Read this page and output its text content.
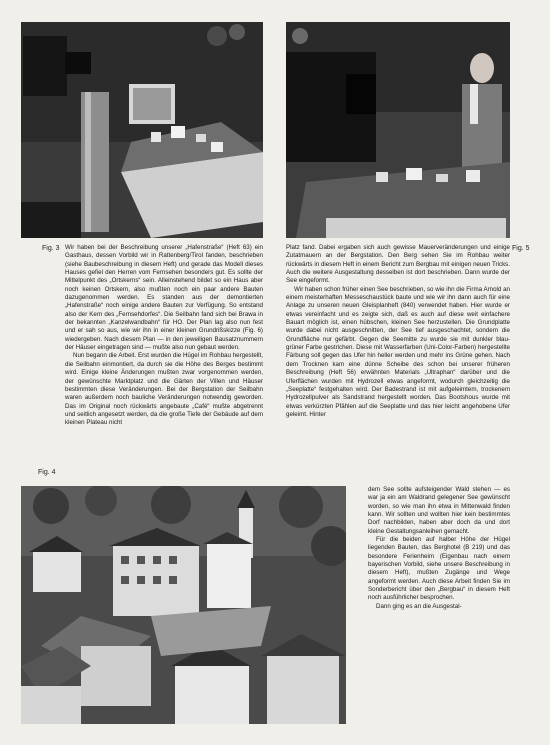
Fig. 3	Fig. 5
Fig. 4

Wir haben bei der Beschreibung unserer „Hafenstraße“ (Heft 63) ein Gasthaus, dessen Vorbild wir in Rattenberg/Tirol fanden, beschrieben (siehe Baubeschreibung in diesem Heft) und gerade das Modell dieses Hauses gefiel den Herren vom Fernsehen besonders gut. Es sollte der Mittelpunkt des „Ortskerns“ sein. Alleinstehend bildet so ein Haus aber noch keinen Ortskern, also mußten noch ein paar andere Bauten dazugenommen werden. Es standen aus der demontierten „Hafenstraße“ noch einige andere Bauten zur Verfügung. So entstand also der Kern des „Fernsehdorfes“. Die Seilbahn fand sich bei Brawa in der bekannten „Kanzelwandbahn“ für HO. Der Plan lag also nun fest und er sah so aus, wie wir ihn in einer kleinen Grundrißskizze (Fig. 6) wiedergeben. Nach diesem Plan — in den jeweiligen Bausatznummern der Häuser eingetragen sind — mußte also nun gebaut werden.

Nun begann die Arbeit. Erst wurden die Hügel im Rohbau hergestellt, die Seilbahn einmontiert, da durch sie die Höhe des Berges bestimmt wird. Einige kleine Änderungen mußten zwar vorgenommen werden, der gewünschte Marktplatz und die Gärten der Villen und Häuser bestimmten diese Veränderungen. Bei der Bergstation der Seilbahn waren außerdem noch bauliche Veränderungen notwendig geworden. Das im Original noch rückwärts angebaute „Café“ mußte abgetrennt und seitlich angesetzt werden, da die große Tiefe der Gebäude auf dem kleinen Plateau nicht

Platz fand. Dabei ergaben sich auch gewisse Mauerveränderungen und einige Zutatmauern an der Bergstation. Den Berg sehen Sie im Rohbau weiter rückwärts in diesem Heft in einem Bericht zum Bergbau mit einigen neuen Tricks. Auch die weitere Ausgestaltung desselben ist dort beschrieben. Dann wurde der See eingeformt.

Wir haben schon früher einen See beschrieben, so wie ihn die Firma Arnold an einem meisterhaften Messeschaustück baute und wie wir ihn dann auch für eine Anlage zu unseren neuen Gleisplanheft (840) verwendet haben. Hier wurde er etwas vereinfacht und es zeigte sich, daß es auch auf diese weit einfachere Bauart möglich ist, einen hübschen, kleinen See herzustellen. Die Grundplatte wurde dabei nicht ausgeschnitten, der See tief ausgeschachtet, sondern die Grundfläche nur gefärbt. Gegen die Seemitte zu wurde sie mit dunkler blau-grüner Farbe gestrichen. Diese mit Wasserfarben (Uni-Color-Farben) hergestellte Färbung soll gegen das Ufer hin heller werden und mehr ins Grüne gehen. Nach dem Trocknen kam eine dünne Scheibe des schon bei unserer früheren Beschreibung (Heft 56) erwähnten Materials „Ultraphan“ darüber und die Uferflächen wurden mit Hydrozell etwas angeformt, wodurch gleichzeitig die „Seeplatte“ festgehalten wird. Der Badestrand ist mit aufgeleimtem, trockenem Hydrozellpulver als Sandstrand hergestellt worden. Das Bootshous wurde mit etwas verkürzten Pfählen auf die Seeplatte und das hier leicht angehobene Ufer geleimt. Hinter

dem See sollte aufsteigender Wald stehen — es war ja ein am Waldrand gelegener See gewünscht worden, so wie man ihn etwa in Mittenwald finden kann. Wir sollten und wollten hier kein bestimmtes Dorf nachbilden, haben aber doch da und dort kleine Gestaltungsanleihen gemacht.

Für die beiden auf halber Höhe der Hügel liegenden Bauten, das Berghotel (B 219) und das besondere Ferienheim (Eigenbau nach einem bayerischen Vorbild, siehe unsere Beschreibung in diesem Heft), mußten Zugänge und Wege angeformt werden. Auch diese Arbeit finden Sie im Sonderbericht über den „Bergbau“ in diesem Heft noch ausführlicher besprochen.

Dann ging es an die Ausgestal-
